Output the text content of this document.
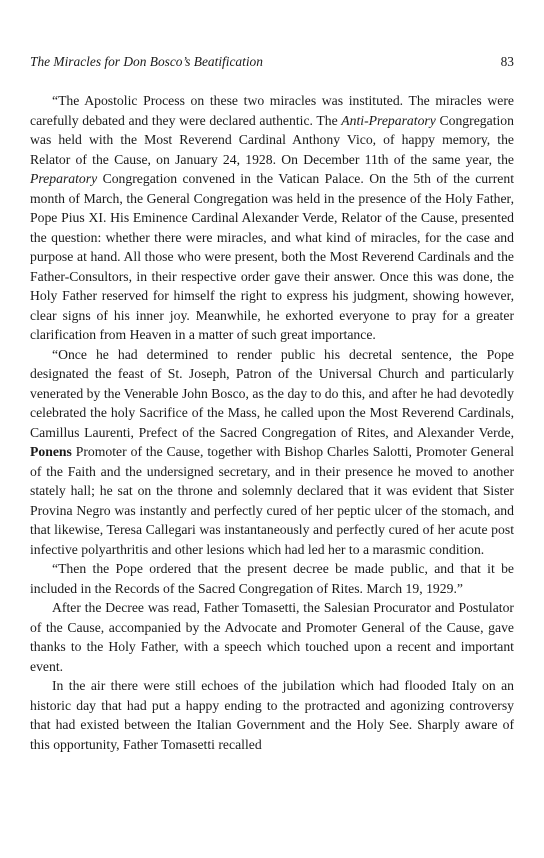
The Miracles for Don Bosco’s Beatification	83

“The Apostolic Process on these two miracles was instituted. The miracles were carefully debated and they were declared authentic. The Anti-Preparatory Congregation was held with the Most Reverend Cardinal Anthony Vico, of happy memory, the Relator of the Cause, on January 24, 1928. On December 11th of the same year, the Preparatory Congregation convened in the Vatican Palace. On the 5th of the current month of March, the General Congregation was held in the presence of the Holy Father, Pope Pius XI. His Eminence Cardinal Alexander Verde, Relator of the Cause, presented the question: whether there were miracles, and what kind of miracles, for the case and purpose at hand. All those who were present, both the Most Reverend Cardinals and the Father-Consultors, in their respective order gave their answer. Once this was done, the Holy Father reserved for himself the right to express his judgment, showing however, clear signs of his inner joy. Meanwhile, he exhorted everyone to pray for a greater clarification from Heaven in a matter of such great importance.

“Once he had determined to render public his decretal sentence, the Pope designated the feast of St. Joseph, Patron of the Universal Church and particularly venerated by the Venerable John Bosco, as the day to do this, and after he had devotedly celebrated the holy Sacrifice of the Mass, he called upon the Most Reverend Cardinals, Camillus Laurenti, Prefect of the Sacred Congregation of Rites, and Alexander Verde, Ponens Promoter of the Cause, together with Bishop Charles Salotti, Promoter General of the Faith and the undersigned secretary, and in their presence he moved to another stately hall; he sat on the throne and solemnly declared that it was evident that Sister Provina Negro was instantly and perfectly cured of her peptic ulcer of the stomach, and that likewise, Teresa Callegari was instantaneously and perfectly cured of her acute post infective polyarthritis and other lesions which had led her to a marasmic condition.

“Then the Pope ordered that the present decree be made public, and that it be included in the Records of the Sacred Congregation of Rites. March 19, 1929.”

After the Decree was read, Father Tomasetti, the Salesian Procurator and Postulator of the Cause, accompanied by the Advocate and Promoter General of the Cause, gave thanks to the Holy Father, with a speech which touched upon a recent and important event.

In the air there were still echoes of the jubilation which had flooded Italy on an historic day that had put a happy ending to the protracted and agonizing controversy that had existed between the Italian Government and the Holy See. Sharply aware of this opportunity, Father Tomasetti recalled
